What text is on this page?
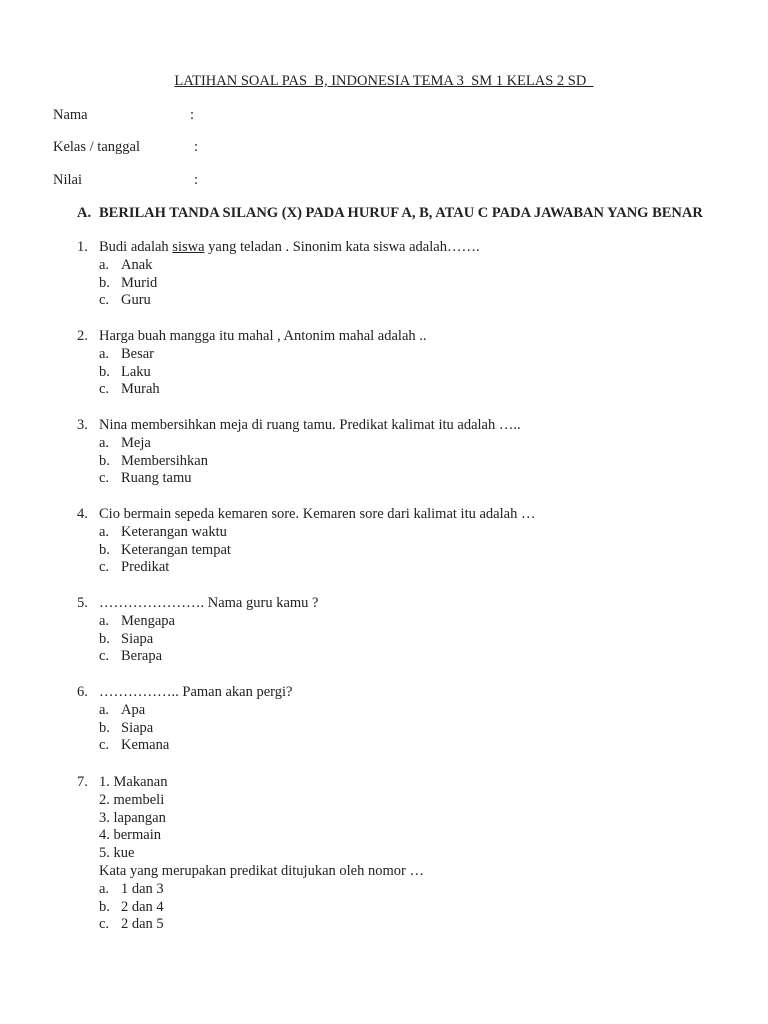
LATIHAN SOAL PAS  B, INDONESIA TEMA 3  SM 1 KELAS 2 SD
Nama	:
Kelas / tanggal	:
Nilai	:
A. BERILAH TANDA SILANG (X) PADA HURUF A, B, ATAU C PADA JAWABAN YANG BENAR
1. Budi adalah siswa yang teladan . Sinonim kata siswa adalah…….
a. Anak
b. Murid
c. Guru
2. Harga buah mangga itu mahal , Antonim mahal adalah ..
a. Besar
b. Laku
c. Murah
3. Nina membersihkan meja di ruang tamu. Predikat kalimat itu adalah …..
a. Meja
b. Membersihkan
c. Ruang tamu
4. Cio bermain sepeda kemaren sore. Kemaren sore dari kalimat itu adalah …
a. Keterangan waktu
b. Keterangan tempat
c. Predikat
5. …………………. Nama guru kamu ?
a. Mengapa
b. Siapa
c. Berapa
6. …………….. Paman akan pergi?
a. Apa
b. Siapa
c. Kemana
7. 1. Makanan
2. membeli
3. lapangan
4. bermain
5. kue
Kata yang merupakan predikat ditujukan oleh nomor …
a. 1 dan 3
b. 2 dan 4
c. 2 dan 5
